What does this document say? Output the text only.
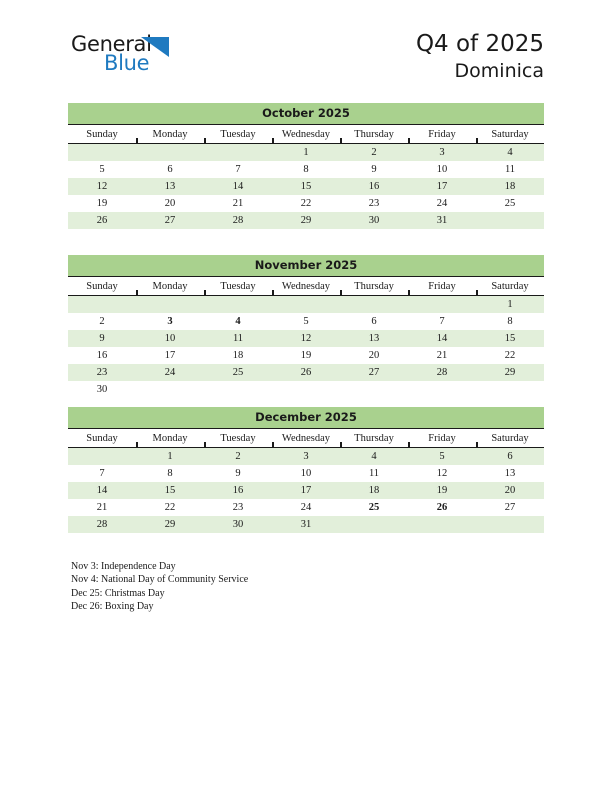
General
Blue
Q4 of 2025
Dominica
October 2025
Sunday	Monday	Tuesday	Wednesday	Thursday	Friday	Saturday
			1	2	3	4
5	6	7	8	9	10	11
12	13	14	15	16	17	18
19	20	21	22	23	24	25
26	27	28	29	30	31	
November 2025
Sunday	Monday	Tuesday	Wednesday	Thursday	Friday	Saturday
						1
2	3	4	5	6	7	8
9	10	11	12	13	14	15
16	17	18	19	20	21	22
23	24	25	26	27	28	29
30						
December 2025
Sunday	Monday	Tuesday	Wednesday	Thursday	Friday	Saturday
	1	2	3	4	5	6
7	8	9	10	11	12	13
14	15	16	17	18	19	20
21	22	23	24	25	26	27
28	29	30	31			
Nov 3: Independence Day
Nov 4: National Day of Community Service
Dec 25: Christmas Day
Dec 26: Boxing Day
